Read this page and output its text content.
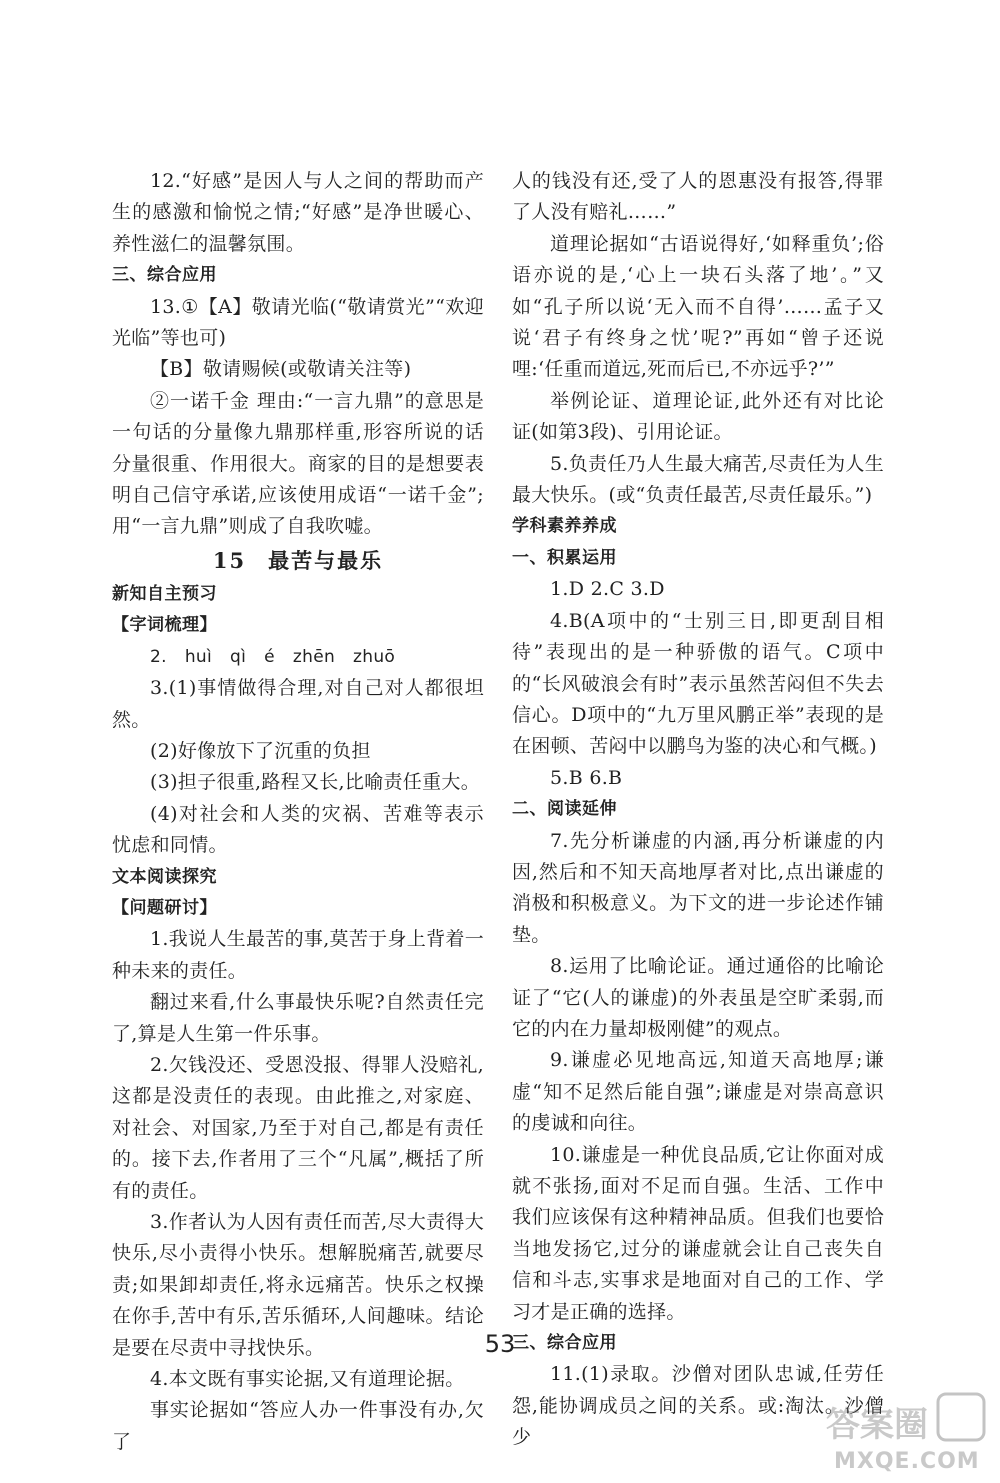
12.“好感”是因人与人之间的帮助而产生的感激和愉悦之情;“好感”是净世暖心、养性滋仁的温馨氛围。

三、综合应用

13.①【A】敬请光临(“敬请赏光”“欢迎光临”等也可)

【B】敬请赐候(或敬请关注等)

②一诺千金 理由:“一言九鼎”的意思是一句话的分量像九鼎那样重,形容所说的话分量很重、作用很大。商家的目的是想要表明自己信守承诺,应该使用成语“一诺千金”;用“一言九鼎”则成了自我吹嘘。

15 最苦与最乐
新知自主预习
【字词梳理】

2. huì qì é zhēn zhuō

3.(1)事情做得合理,对自己对人都很坦然。

(2)好像放下了沉重的负担

(3)担子很重,路程又长,比喻责任重大。

(4)对社会和人类的灾祸、苦难等表示忧虑和同情。

文本阅读探究
【问题研讨】

1.我说人生最苦的事,莫苦于身上背着一种未来的责任。

翻过来看,什么事最快乐呢?自然责任完了,算是人生第一件乐事。

2.欠钱没还、受恩没报、得罪人没赔礼,这都是没责任的表现。由此推之,对家庭、对社会、对国家,乃至于对自己,都是有责任的。接下去,作者用了三个“凡属”,概括了所有的责任。

3.作者认为人因有责任而苦,尽大责得大快乐,尽小责得小快乐。想解脱痛苦,就要尽责;如果卸却责任,将永远痛苦。快乐之权操在你手,苦中有乐,苦乐循环,人间趣味。结论是要在尽责中寻找快乐。

4.本文既有事实论据,又有道理论据。

事实论据如“答应人办一件事没有办,欠了

人的钱没有还,受了人的恩惠没有报答,得罪了人没有赔礼……”

道理论据如“古语说得好,‘如释重负’;俗语亦说的是,‘心上一块石头落了地’。”又如“孔子所以说‘无入而不自得’……孟子又说‘君子有终身之忧’呢?”再如“曾子还说哩:‘任重而道远,死而后已,不亦远乎?’”

举例论证、道理论证,此外还有对比论证(如第3段)、引用论证。

5.负责任乃人生最大痛苦,尽责任为人生最大快乐。(或“负责任最苦,尽责任最乐。”)

学科素养养成
一、积累运用

1.D 2.C 3.D

4.B(A项中的“士别三日,即更刮目相待”表现出的是一种骄傲的语气。C项中的“长风破浪会有时”表示虽然苦闷但不失去信心。D项中的“九万里风鹏正举”表现的是在困顿、苦闷中以鹏鸟为鉴的决心和气概。)

5.B 6.B

二、阅读延伸

7.先分析谦虚的内涵,再分析谦虚的内因,然后和不知天高地厚者对比,点出谦虚的消极和积极意义。为下文的进一步论述作铺垫。

8.运用了比喻论证。通过通俗的比喻论证了“它(人的谦虚)的外表虽是空旷柔弱,而它的内在力量却极刚健”的观点。

9.谦虚必见地高远,知道天高地厚;谦虚“知不足然后能自强”;谦虚是对崇高意识的虔诚和向往。

10.谦虚是一种优良品质,它让你面对成就不张扬,面对不足而自强。生活、工作中我们应该保有这种精神品质。但我们也要恰当地发扬它,过分的谦虚就会让自己丧失自信和斗志,实事求是地面对自己的工作、学习才是正确的选择。

三、综合应用

11.(1)录取。沙僧对团队忠诚,任劳任怨,能协调成员之间的关系。或:淘汰。沙僧少

53
答案圈
MXQE.COM
